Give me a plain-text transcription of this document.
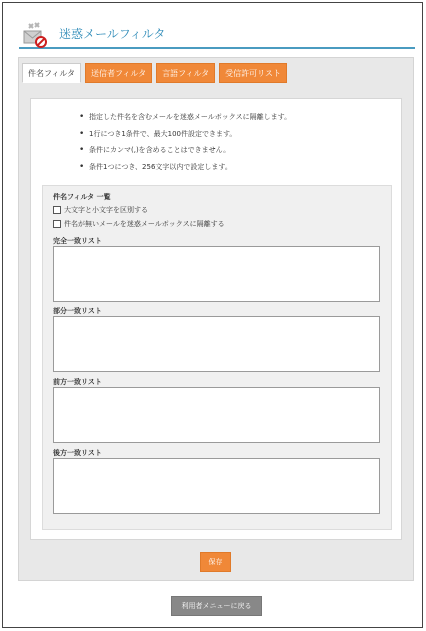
迷惑メールフィルタ
件名フィルタ	送信者フィルタ	言語フィルタ	受信許可リスト
• 指定した件名を含むメールを迷惑メールボックスに隔離します。
• 1行につき1条件で、最大100件設定できます。
• 条件にカンマ(,)を含めることはできません。
• 条件1つにつき、256文字以内で設定します。
件名フィルタ 一覧
大文字と小文字を区別する
件名が無いメールを迷惑メールボックスに隔離する
完全一致リスト
部分一致リスト
前方一致リスト
後方一致リスト
保存
利用者メニューに戻る
